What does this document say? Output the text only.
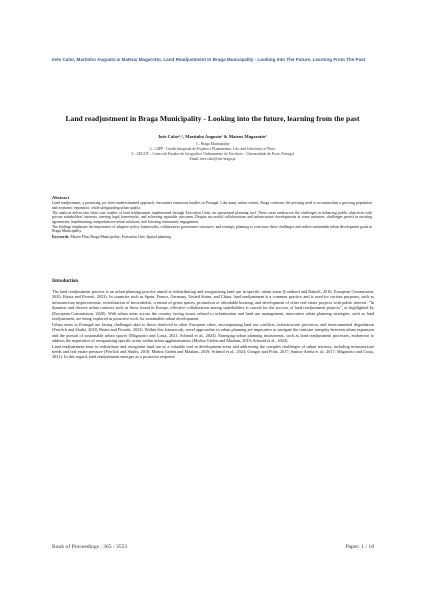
Inês Calor, Martinho Augusto & Mateus Magarotto, Land Readjustment In Braga Municipality - Looking Into The Future, Learning From The Past
Land readjustment in Braga Municipality - Looking into the future, learning from the past
Inês Calor¹,², Martinho Augusto¹ & Mateus Magarotto³
1 – Braga Municipality
2 – GIPP - Gestão Integrada de Projetos e Planeamento, Lda. and University of Porto
3 – CEGOT – Centro de Estudos de Geografia e Ordenamento do Território – Universidade do Porto, Portugal
Email: ines.calor@cm-braga.pt
Abstract

Land readjustment, a promising yet often underestimated approach, encounters numerous hurdles in Portugal. Like many urban centres, Braga confronts the pressing need to accommodate a growing population and economic expansion, while safeguarding urban quality.

The analysis delves into three case studies of land readjustment implemented through Execution Units, an operational planning tool. These cases underscore the challenges in balancing public objectives with private stakeholders' interests, steering legal frameworks, and achieving equitable outcomes. Despite successful collaborations and infrastructure developments in some instances, challenges persist in securing agreements, implementing comprehensive urban solutions, and fostering community engagement.

The findings emphasise the importance of adaptive policy frameworks, collaborative governance structures, and strategic planning to overcome these challenges and realise sustainable urban development goals in Braga Municipality.

Keywords: Master Plan; Braga Municipality; Execution Unit; Spatial planning
Introduction

The land readjustment process is an urban planning practice aimed at redistributing and reorganising land use in specific urban areas (Lombard and Rakodi, 2016; European Commission, 2020; Briata and Fioretti, 2023). In countries such as Spain, France, Germany, United States, and China, land readjustment is a common practice and is used for various purposes, such as infrastructure improvements, revitalisation of brownfields, creation of green spaces, promotion of affordable housing, and development of other real estate projects with public interest. "In dynamic and diverse urban contexts such as those found in Europe, effective collaboration among stakeholders is crucial for the success of land readjustment projects", as highlighted by (European Commission, 2020). With urban areas across the country facing issues related to urbanisation and land use management, innovative urban planning strategies, such as land readjustment, are being explored as proactive tools for sustainable urban development.

Urban areas in Portugal are facing challenges akin to those observed in other European cities, encompassing land use conflicts, infrastructure provision, and environmental degradation (Frerlich and Shultz, 2018; Briata and Fioretti, 2023). Within this framework, novel approaches in urban planning are imperative to navigate the intricate interplay between urban expansion and the pursuit of sustainable urban spaces (Magarotto and Costa, 2021; Schmid et al., 2024). Emerging urban planning instruments, such as land readjustment processes, endeavour to address the imperative of reorganising specific areas within urban agglomerations (Muñoz Gielen and Maalam, 2019; Schmid et al., 2024).

Land readjustment aims to redistribute and reorganise land use as a valuable tool in development areas and addressing the complex challenges of urban territory, including infrastructure needs and real estate pressure (Frerlich and Shultz, 2018; Muñoz Gielen and Maalam, 2019; Schmid et al., 2024; Güngör and Polat, 2017; Santos-Arteta et al., 2017; Magarotto and Costa, 2021). In this regard, land readjustment emerges as a proactive response

Book of Proceedings : 365 / 3553	Paper: 1 / 18
